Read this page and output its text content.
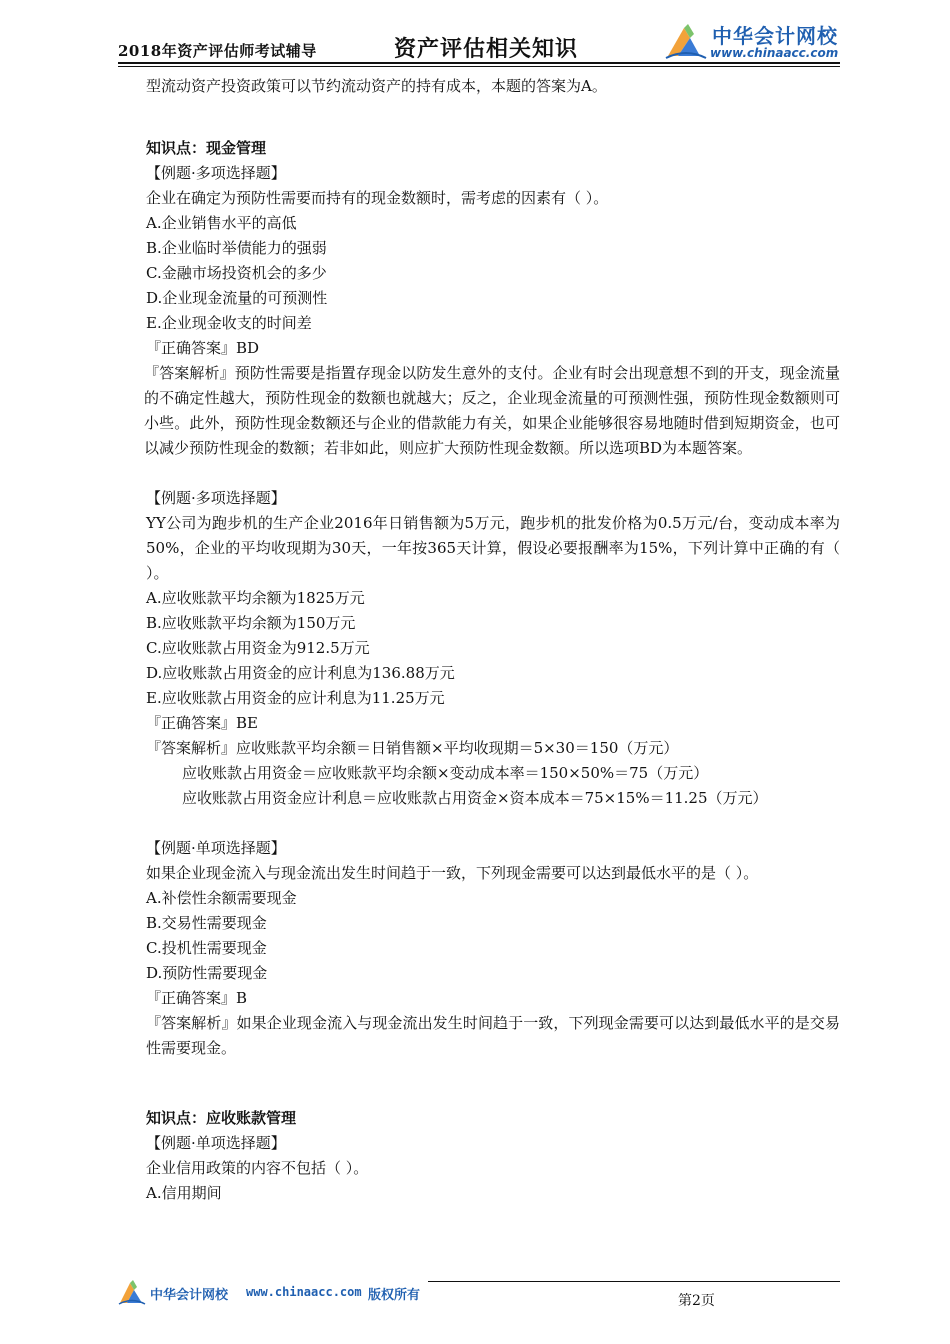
2018年资产评估师考试辅导	资产评估相关知识	中华会计网校
www.chinaacc.com

型流动资产投资政策可以节约流动资产的持有成本，本题的答案为A。

知识点：现金管理

【例题·多项选择题】

企业在确定为预防性需要而持有的现金数额时，需考虑的因素有（ ）。

A.企业销售水平的高低

B.企业临时举债能力的强弱

C.金融市场投资机会的多少

D.企业现金流量的可预测性

E.企业现金收支的时间差

『正确答案』BD

『答案解析』预防性需要是指置存现金以防发生意外的支付。企业有时会出现意想不到的开支，现金流量的不确定性越大，预防性现金的数额也就越大；反之，企业现金流量的可预测性强，预防性现金数额则可小些。此外，预防性现金数额还与企业的借款能力有关，如果企业能够很容易地随时借到短期资金，也可以减少预防性现金的数额；若非如此，则应扩大预防性现金数额。所以选项BD为本题答案。

【例题·多项选择题】

YY公司为跑步机的生产企业2016年日销售额为5万元，跑步机的批发价格为0.5万元/台，变动成本率为50%，企业的平均收现期为30天，一年按365天计算，假设必要报酬率为15%，下列计算中正确的有（ ）。

A.应收账款平均余额为1825万元

B.应收账款平均余额为150万元

C.应收账款占用资金为912.5万元

D.应收账款占用资金的应计利息为136.88万元

E.应收账款占用资金的应计利息为11.25万元

『正确答案』BE

『答案解析』应收账款平均余额＝日销售额×平均收现期＝5×30＝150（万元）

应收账款占用资金＝应收账款平均余额×变动成本率＝150×50%＝75（万元）

应收账款占用资金应计利息＝应收账款占用资金×资本成本＝75×15%＝11.25（万元）

【例题·单项选择题】

如果企业现金流入与现金流出发生时间趋于一致，下列现金需要可以达到最低水平的是（ ）。

A.补偿性余额需要现金

B.交易性需要现金

C.投机性需要现金

D.预防性需要现金

『正确答案』B

『答案解析』如果企业现金流入与现金流出发生时间趋于一致，下列现金需要可以达到最低水平的是交易性需要现金。

知识点：应收账款管理

【例题·单项选择题】

企业信用政策的内容不包括（ ）。

A.信用期间

中华会计网校 www.chinaacc.com 版权所有	第2页
